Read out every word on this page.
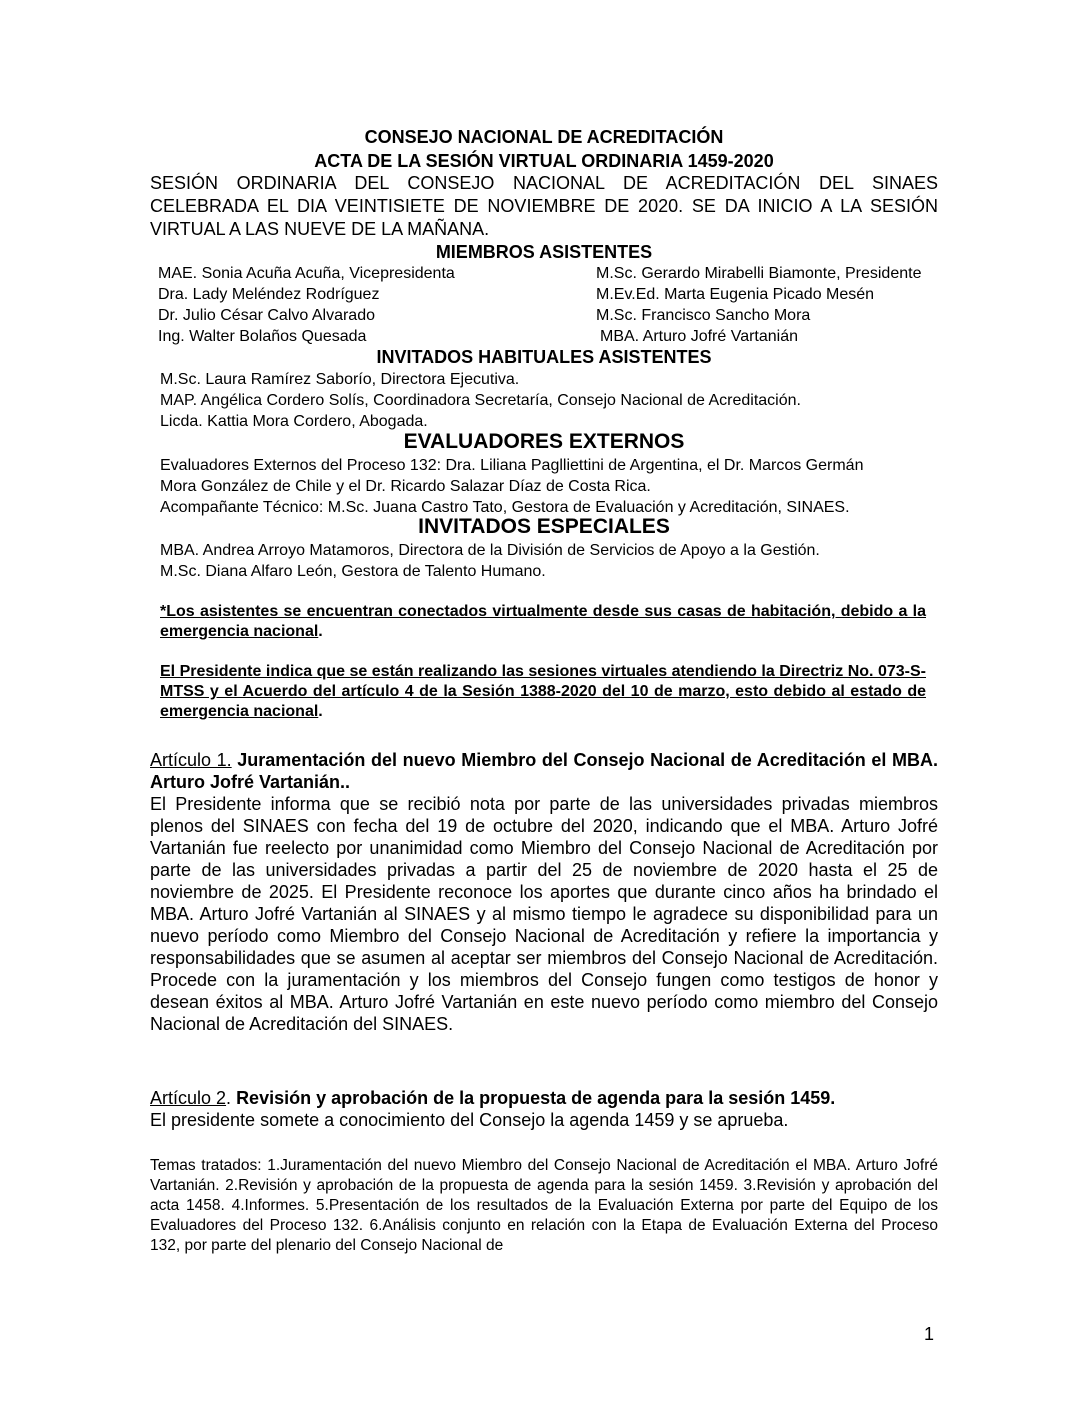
CONSEJO NACIONAL DE ACREDITACIÓN
ACTA DE LA SESIÓN VIRTUAL ORDINARIA 1459-2020
SESIÓN ORDINARIA DEL CONSEJO NACIONAL DE ACREDITACIÓN DEL SINAES CELEBRADA EL DIA VEINTISIETE DE NOVIEMBRE DE 2020. SE DA INICIO A LA SESIÓN VIRTUAL A LAS NUEVE DE LA MAÑANA.
MIEMBROS ASISTENTES
MAE. Sonia Acuña Acuña, Vicepresidenta	M.Sc. Gerardo Mirabelli Biamonte, Presidente
Dra. Lady Meléndez Rodríguez	M.Ev.Ed. Marta Eugenia Picado Mesén
Dr. Julio César Calvo Alvarado	M.Sc. Francisco Sancho Mora
Ing. Walter Bolaños Quesada	MBA. Arturo Jofré Vartanián
INVITADOS HABITUALES ASISTENTES
M.Sc. Laura Ramírez Saborío, Directora Ejecutiva.
MAP. Angélica Cordero Solís, Coordinadora Secretaría, Consejo Nacional de Acreditación.
Licda. Kattia Mora Cordero, Abogada.
EVALUADORES EXTERNOS
Evaluadores Externos del Proceso 132: Dra. Liliana Paglliettini de Argentina, el Dr. Marcos Germán
Mora González de Chile y el Dr. Ricardo Salazar Díaz de Costa Rica.
Acompañante Técnico: M.Sc. Juana Castro Tato, Gestora de Evaluación y Acreditación, SINAES.
INVITADOS ESPECIALES
MBA. Andrea Arroyo Matamoros, Directora de la División de Servicios de Apoyo a la Gestión.
M.Sc. Diana Alfaro León, Gestora de Talento Humano.
*Los asistentes se encuentran conectados virtualmente desde sus casas de habitación, debido a la emergencia nacional.
El Presidente indica que se están realizando las sesiones virtuales atendiendo la Directriz No. 073-S-MTSS y el Acuerdo del artículo 4 de la Sesión 1388-2020 del 10 de marzo, esto debido al estado de emergencia nacional.
Artículo 1. Juramentación del nuevo Miembro del Consejo Nacional de Acreditación el MBA. Arturo Jofré Vartanián..
El Presidente informa que se recibió nota por parte de las universidades privadas miembros plenos del SINAES con fecha del 19 de octubre del 2020, indicando que el MBA. Arturo Jofré Vartanián fue reelecto por unanimidad como Miembro del Consejo Nacional de Acreditación por parte de las universidades privadas a partir del 25 de noviembre de 2020 hasta el 25 de noviembre de 2025. El Presidente reconoce los aportes que durante cinco años ha brindado el MBA. Arturo Jofré Vartanián al SINAES y al mismo tiempo le agradece su disponibilidad para un nuevo período como Miembro del Consejo Nacional de Acreditación y refiere la importancia y responsabilidades que se asumen al aceptar ser miembros del Consejo Nacional de Acreditación. Procede con la juramentación y los miembros del Consejo fungen como testigos de honor y desean éxitos al MBA. Arturo Jofré Vartanián en este nuevo período como miembro del Consejo Nacional de Acreditación del SINAES.
Artículo 2. Revisión y aprobación de la propuesta de agenda para la sesión 1459.
El presidente somete a conocimiento del Consejo la agenda 1459 y se aprueba.
Temas tratados: 1.Juramentación del nuevo Miembro del Consejo Nacional de Acreditación el MBA. Arturo Jofré Vartanián. 2.Revisión y aprobación de la propuesta de agenda para la sesión 1459. 3.Revisión y aprobación del acta 1458. 4.Informes. 5.Presentación de los resultados de la Evaluación Externa por parte del Equipo de los Evaluadores del Proceso 132. 6.Análisis conjunto en relación con la Etapa de Evaluación Externa del Proceso 132, por parte del plenario del Consejo Nacional de
1
